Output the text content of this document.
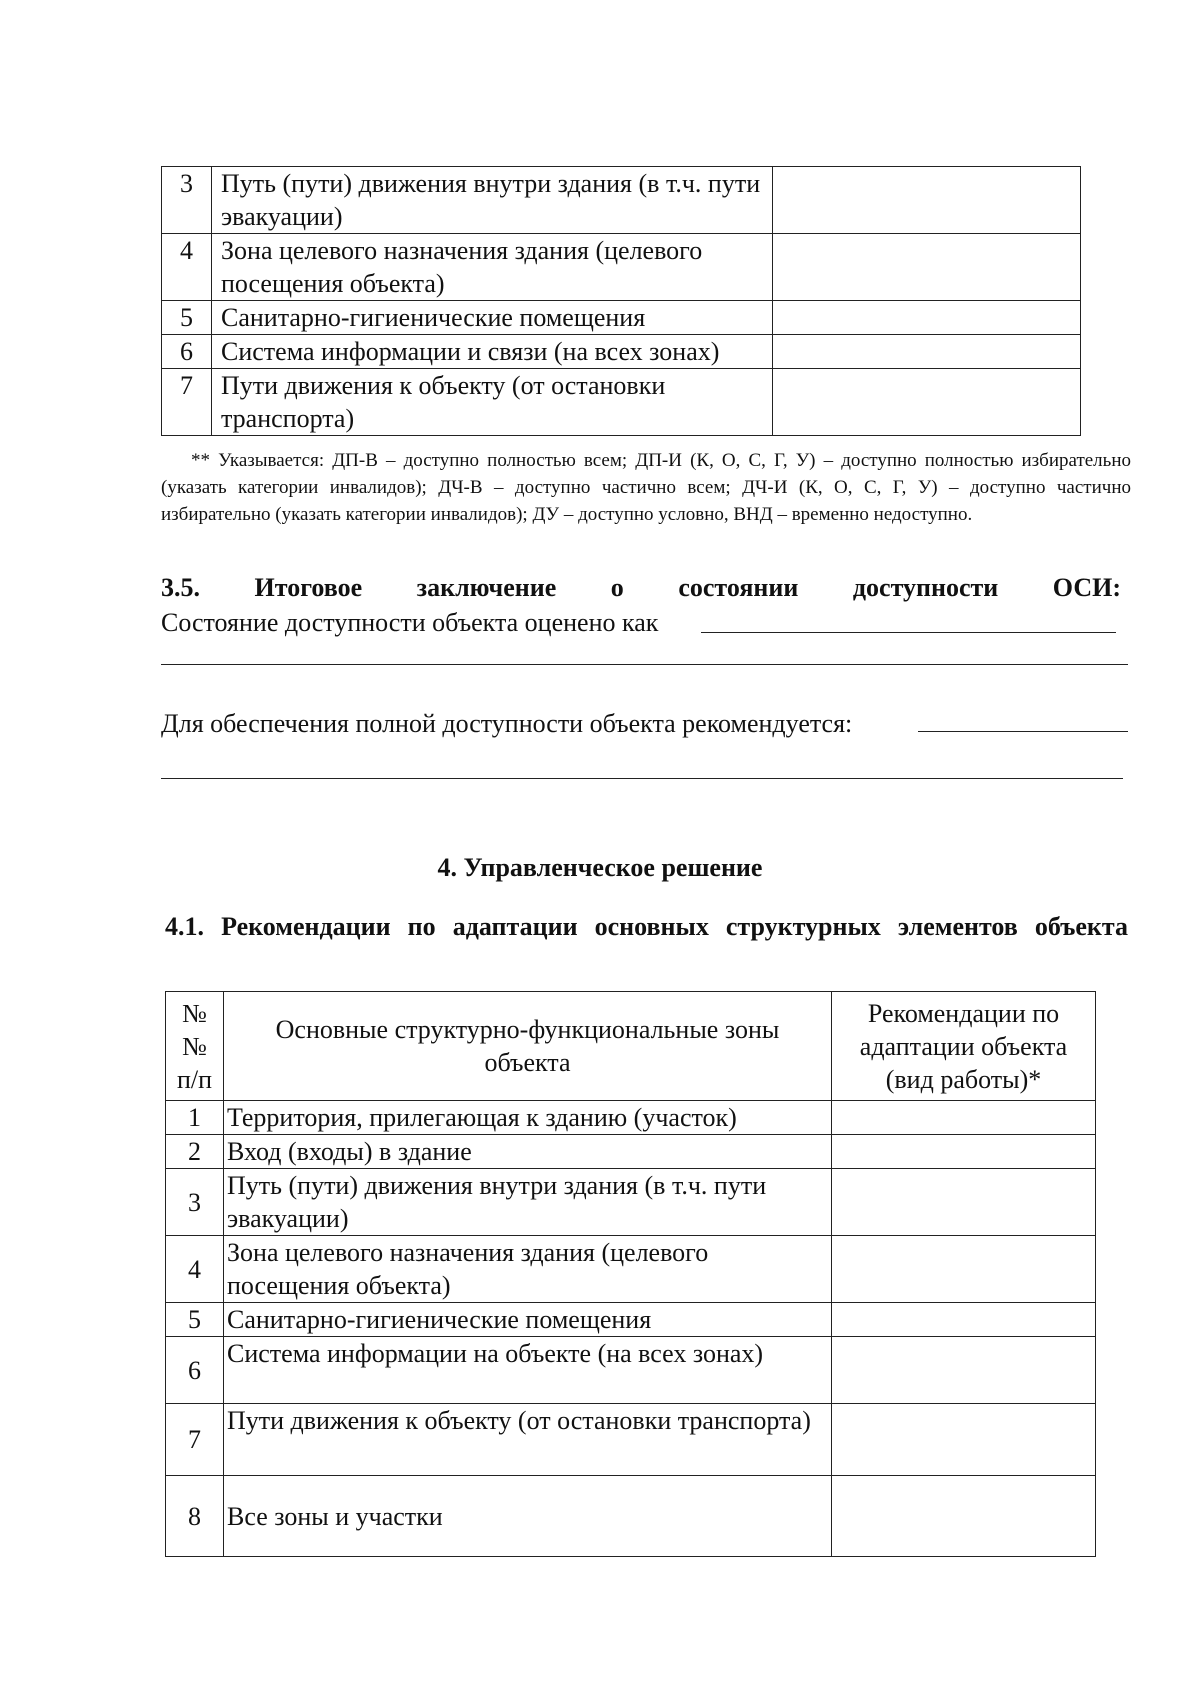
3	Путь (пути) движения внутри здания (в т.ч. пути эвакуации)	
4	Зона целевого назначения здания (целевого посещения объекта)	
5	Санитарно-гигиенические помещения	
6	Система информации и связи (на всех зонах)	
7	Пути движения к объекту (от остановки транспорта)	
** Указывается: ДП-В – доступно полностью всем; ДП-И (К, О, С, Г, У) – доступно полностью избирательно (указать категории инвалидов); ДЧ-В – доступно частично всем; ДЧ-И (К, О, С, Г, У) – доступно частично избирательно (указать категории инвалидов); ДУ – доступно условно, ВНД – временно недоступно.
3.5. Итоговое заключение о состоянии доступности ОСИ:
Состояние доступности объекта оценено как
Для обеспечения полной доступности объекта рекомендуется:
4. Управленческое решение
4.1. Рекомендации по адаптации основных структурных элементов объекта
№ № п/п	Основные структурно-функциональные зоны объекта	Рекомендации по адаптации объекта (вид работы)*
1	Территория, прилегающая к зданию (участок)	
2	Вход (входы) в здание	
3	Путь (пути) движения внутри здания (в т.ч. пути эвакуации)	
4	Зона целевого назначения здания (целевого посещения объекта)	
5	Санитарно-гигиенические помещения	
6	Система информации на объекте (на всех зонах)	
7	Пути движения к объекту (от остановки транспорта)	
8	Все зоны и участки	
